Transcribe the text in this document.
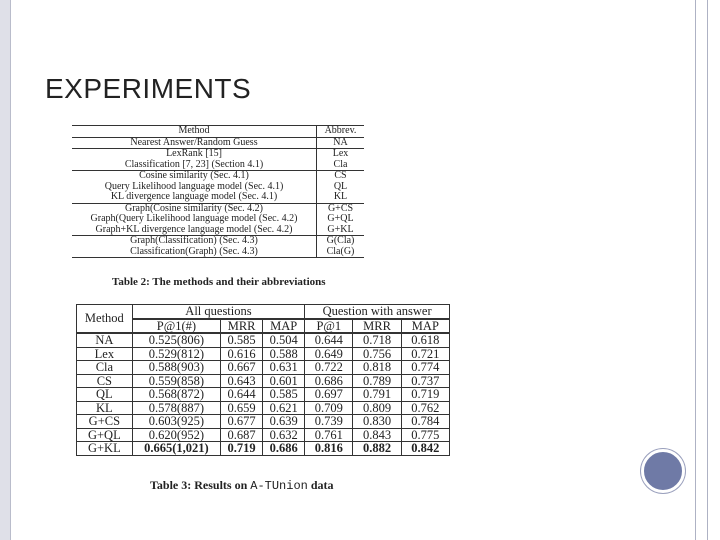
EXPERIMENTS
Method	Abbrev.
Nearest Answer/Random Guess	NA
LexRank [15]	Lex
Classification [7, 23] (Section 4.1)	Cla
Cosine similarity (Sec. 4.1)	CS
Query Likelihood language model (Sec. 4.1)	QL
KL divergence language model (Sec. 4.1)	KL
Graph(Cosine similarity (Sec. 4.2)	G+CS
Graph(Query Likelihood language model (Sec. 4.2)	G+QL
Graph+KL divergence language model (Sec. 4.2)	G+KL
Graph(Classification) (Sec. 4.3)	G(Cla)
Classification(Graph) (Sec. 4.3)	Cla(G)
Table 2: The methods and their abbreviations
Method	All questions			Question with answer		
	P@1(#)	MRR	MAP	P@1	MRR	MAP
NA	0.525(806)	0.585	0.504	0.644	0.718	0.618
Lex	0.529(812)	0.616	0.588	0.649	0.756	0.721
Cla	0.588(903)	0.667	0.631	0.722	0.818	0.774
CS	0.559(858)	0.643	0.601	0.686	0.789	0.737
QL	0.568(872)	0.644	0.585	0.697	0.791	0.719
KL	0.578(887)	0.659	0.621	0.709	0.809	0.762
G+CS	0.603(925)	0.677	0.639	0.739	0.830	0.784
G+QL	0.620(952)	0.687	0.632	0.761	0.843	0.775
G+KL	0.665(1,021)	0.719	0.686	0.816	0.882	0.842
Table 3: Results on A-TUnion data
